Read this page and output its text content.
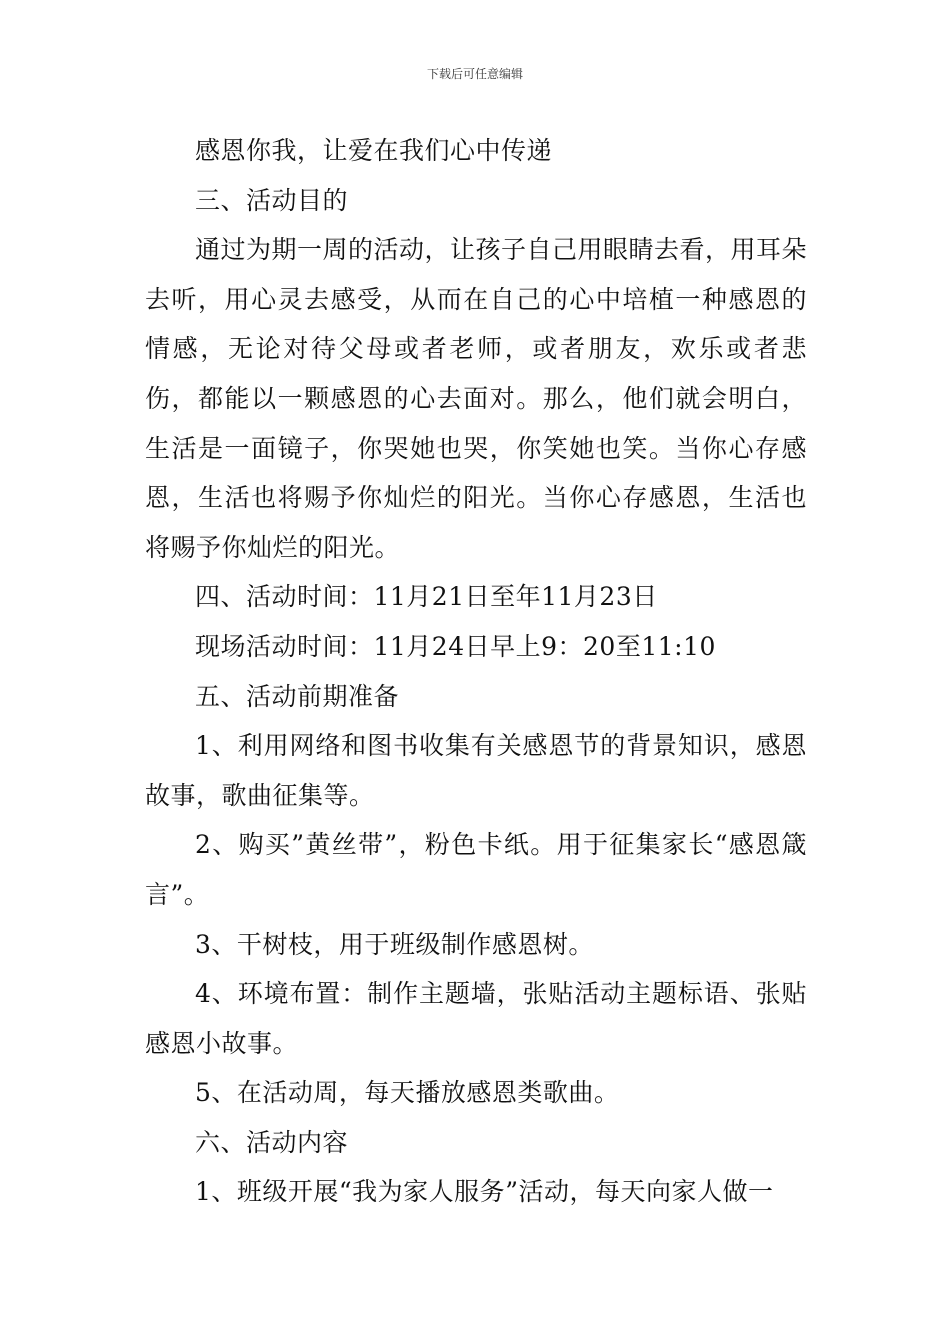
下载后可任意编辑

感恩你我，让爱在我们心中传递

三、活动目的

通过为期一周的活动，让孩子自己用眼睛去看，用耳朵去听，用心灵去感受，从而在自己的心中培植一种感恩的情感，无论对待父母或者老师，或者朋友，欢乐或者悲伤，都能以一颗感恩的心去面对。那么，他们就会明白，生活是一面镜子，你哭她也哭，你笑她也笑。当你心存感恩，生活也将赐予你灿烂的阳光。当你心存感恩，生活也将赐予你灿烂的阳光。

四、活动时间：11月21日至年11月23日

现场活动时间：11月24日早上9：20至11:10

五、活动前期准备

1、利用网络和图书收集有关感恩节的背景知识，感恩故事，歌曲征集等。

2、购买”黄丝带”，粉色卡纸。用于征集家长“感恩箴言”。

3、干树枝，用于班级制作感恩树。

4、环境布置：制作主题墙，张贴活动主题标语、张贴感恩小故事。

5、在活动周，每天播放感恩类歌曲。

六、活动内容

1、班级开展“我为家人服务”活动，每天向家人做一
